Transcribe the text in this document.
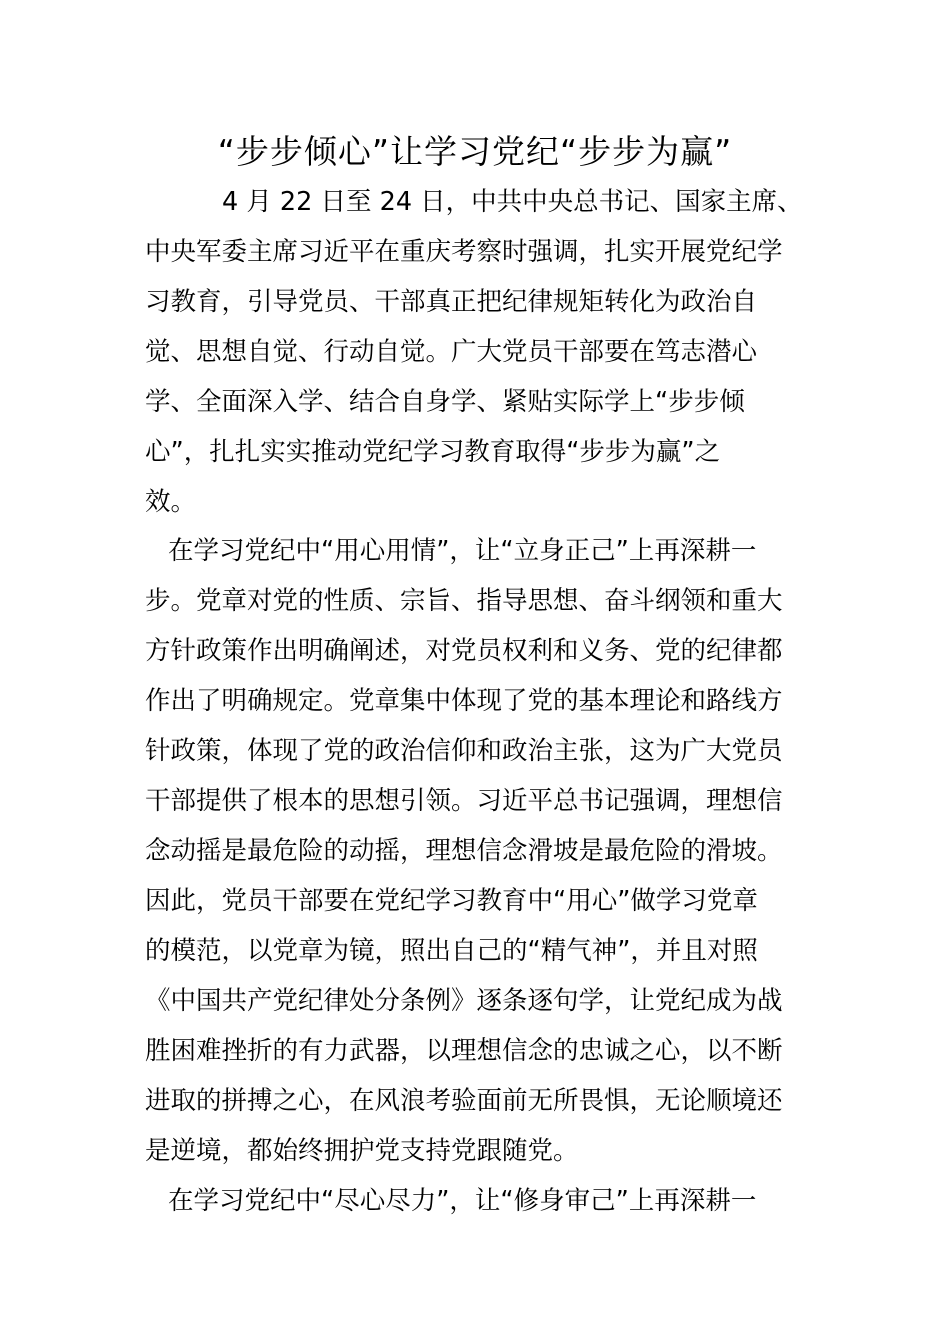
“步步倾心”让学习党纪“步步为赢”
4 月 22 日至 24 日，中共中央总书记、国家主席、
中央军委主席习近平在重庆考察时强调，扎实开展党纪学
习教育，引导党员、干部真正把纪律规矩转化为政治自
觉、思想自觉、行动自觉。广大党员干部要在笃志潜心
学、全面深入学、结合自身学、紧贴实际学上“步步倾
心”，扎扎实实推动党纪学习教育取得“步步为赢”之
效。
在学习党纪中“用心用情”，让“立身正己”上再深耕一
步。党章对党的性质、宗旨、指导思想、奋斗纲领和重大
方针政策作出明确阐述，对党员权利和义务、党的纪律都
作出了明确规定。党章集中体现了党的基本理论和路线方
针政策，体现了党的政治信仰和政治主张，这为广大党员
干部提供了根本的思想引领。习近平总书记强调，理想信
念动摇是最危险的动摇，理想信念滑坡是最危险的滑坡。
因此，党员干部要在党纪学习教育中“用心”做学习党章
的模范，以党章为镜，照出自己的“精气神”，并且对照
《中国共产党纪律处分条例》逐条逐句学，让党纪成为战
胜困难挫折的有力武器，以理想信念的忠诚之心，以不断
进取的拼搏之心，在风浪考验面前无所畏惧，无论顺境还
是逆境，都始终拥护党支持党跟随党。
在学习党纪中“尽心尽力”，让“修身审己”上再深耕一
